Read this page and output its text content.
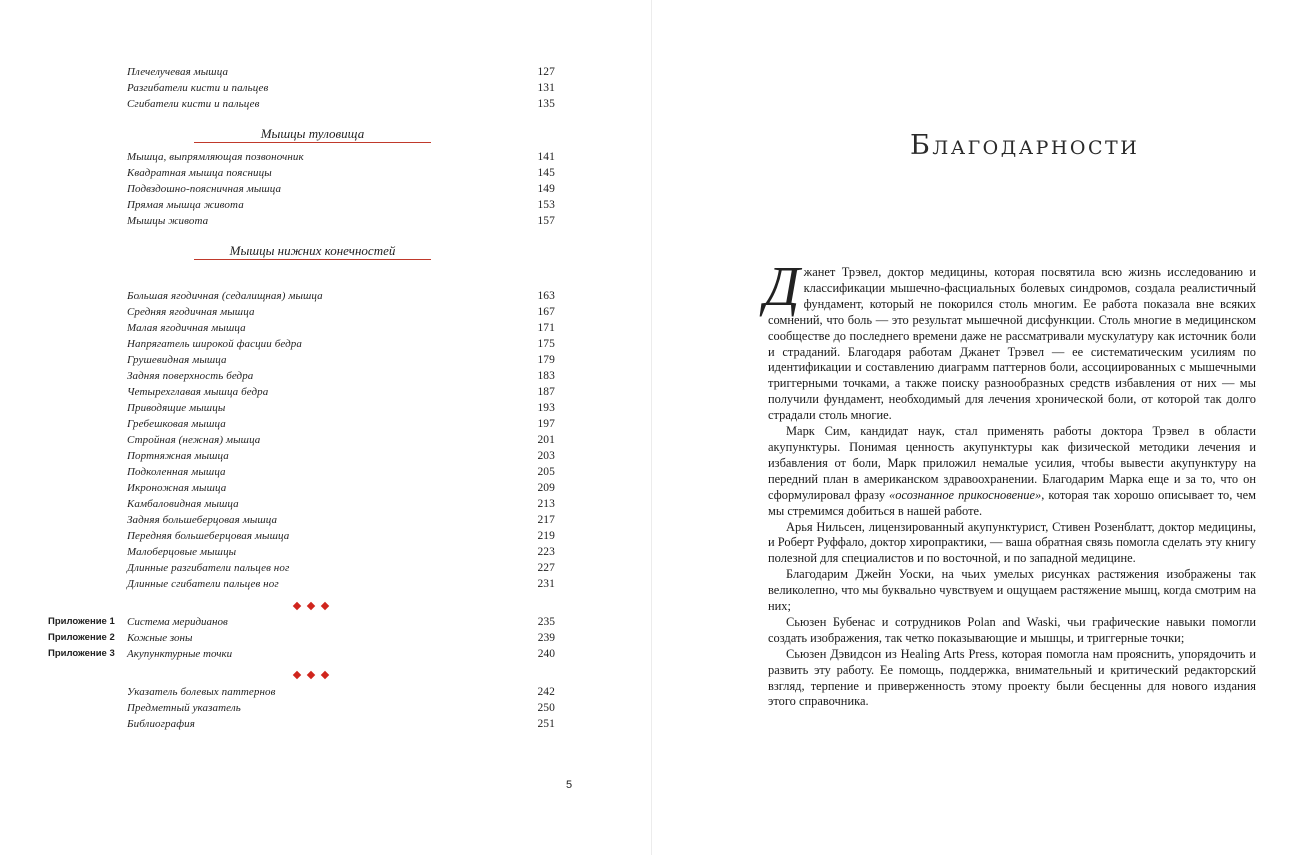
Плечелучевая мышца	127
Разгибатели кисти и пальцев	131
Сгибатели кисти и пальцев	135
Мышцы туловища
Мышца, выпрямляющая позвоночник	141
Квадратная мышца поясницы	145
Подвздошно-поясничная мышца	149
Прямая мышца живота	153
Мышцы живота	157
Мышцы нижних конечностей
Большая ягодичная (седалищная) мышца	163
Средняя ягодичная мышца	167
Малая ягодичная мышца	171
Напрягатель широкой фасции бедра	175
Грушевидная мышца	179
Задняя поверхность бедра	183
Четырехглавая мышца бедра	187
Приводящие мышцы	193
Гребешковая мышца	197
Стройная (нежная) мышца	201
Портняжная мышца	203
Подколенная мышца	205
Икроножная мышца	209
Камбаловидная мышца	213
Задняя большеберцовая мышца	217
Передняя большеберцовая мышца	219
Малоберцовые мышцы	223
Длинные разгибатели пальцев ног	227
Длинные сгибатели пальцев ног	231
Приложение 1 Система меридианов	235
Приложение 2 Кожные зоны	239
Приложение 3 Акупунктурные точки	240
Указатель болевых паттернов	242
Предметный указатель	250
Библиография	251
5
Благодарности

Джанет Трэвел, доктор медицины, которая посвятила всю жизнь исследованию и классификации мышечно-фасциальных болевых синдромов, создала реалистичный фундамент, который не покорился столь многим. Ее работа показала вне всяких сомнений, что боль — это результат мышечной дисфункции. Столь многие в медицинском сообществе до последнего времени даже не рассматривали мускулатуру как источник боли и страданий. Благодаря работам Джанет Трэвел — ее систематическим усилиям по идентификации и составлению диаграмм паттернов боли, ассоциированных с мышечными триггерными точками, а также поиску разнообразных средств избавления от них — мы получили фундамент, необходимый для лечения хронической боли, от которой так долго страдали столь многие.

Марк Сим, кандидат наук, стал применять работы доктора Трэвел в области акупунктуры. Понимая ценность акупунктуры как физической методики лечения и избавления от боли, Марк приложил немалые усилия, чтобы вывести акупунктуру на передний план в американском здравоохранении. Благодарим Марка еще и за то, что он сформулировал фразу «осознанное прикосновение», которая так хорошо описывает то, чем мы стремимся добиться в нашей работе.

Арья Нильсен, лицензированный акупунктурист, Стивен Розенблатт, доктор медицины, и Роберт Руффало, доктор хиропрактики, — ваша обратная связь помогла сделать эту книгу полезной для специалистов и по восточной, и по западной медицине.

Благодарим Джейн Уоски, на чьих умелых рисунках растяжения изображены так великолепно, что мы буквально чувствуем и ощущаем растяжение мышц, когда смотрим на них;

Сьюзен Бубенас и сотрудников Polan and Waski, чьи графические навыки помогли создать изображения, так четко показывающие и мышцы, и триггерные точки;

Сьюзен Дэвидсон из Healing Arts Press, которая помогла нам прояснить, упорядочить и развить эту работу. Ее помощь, поддержка, внимательный и критический редакторский взгляд, терпение и приверженность этому проекту были бесценны для нового издания этого справочника.
